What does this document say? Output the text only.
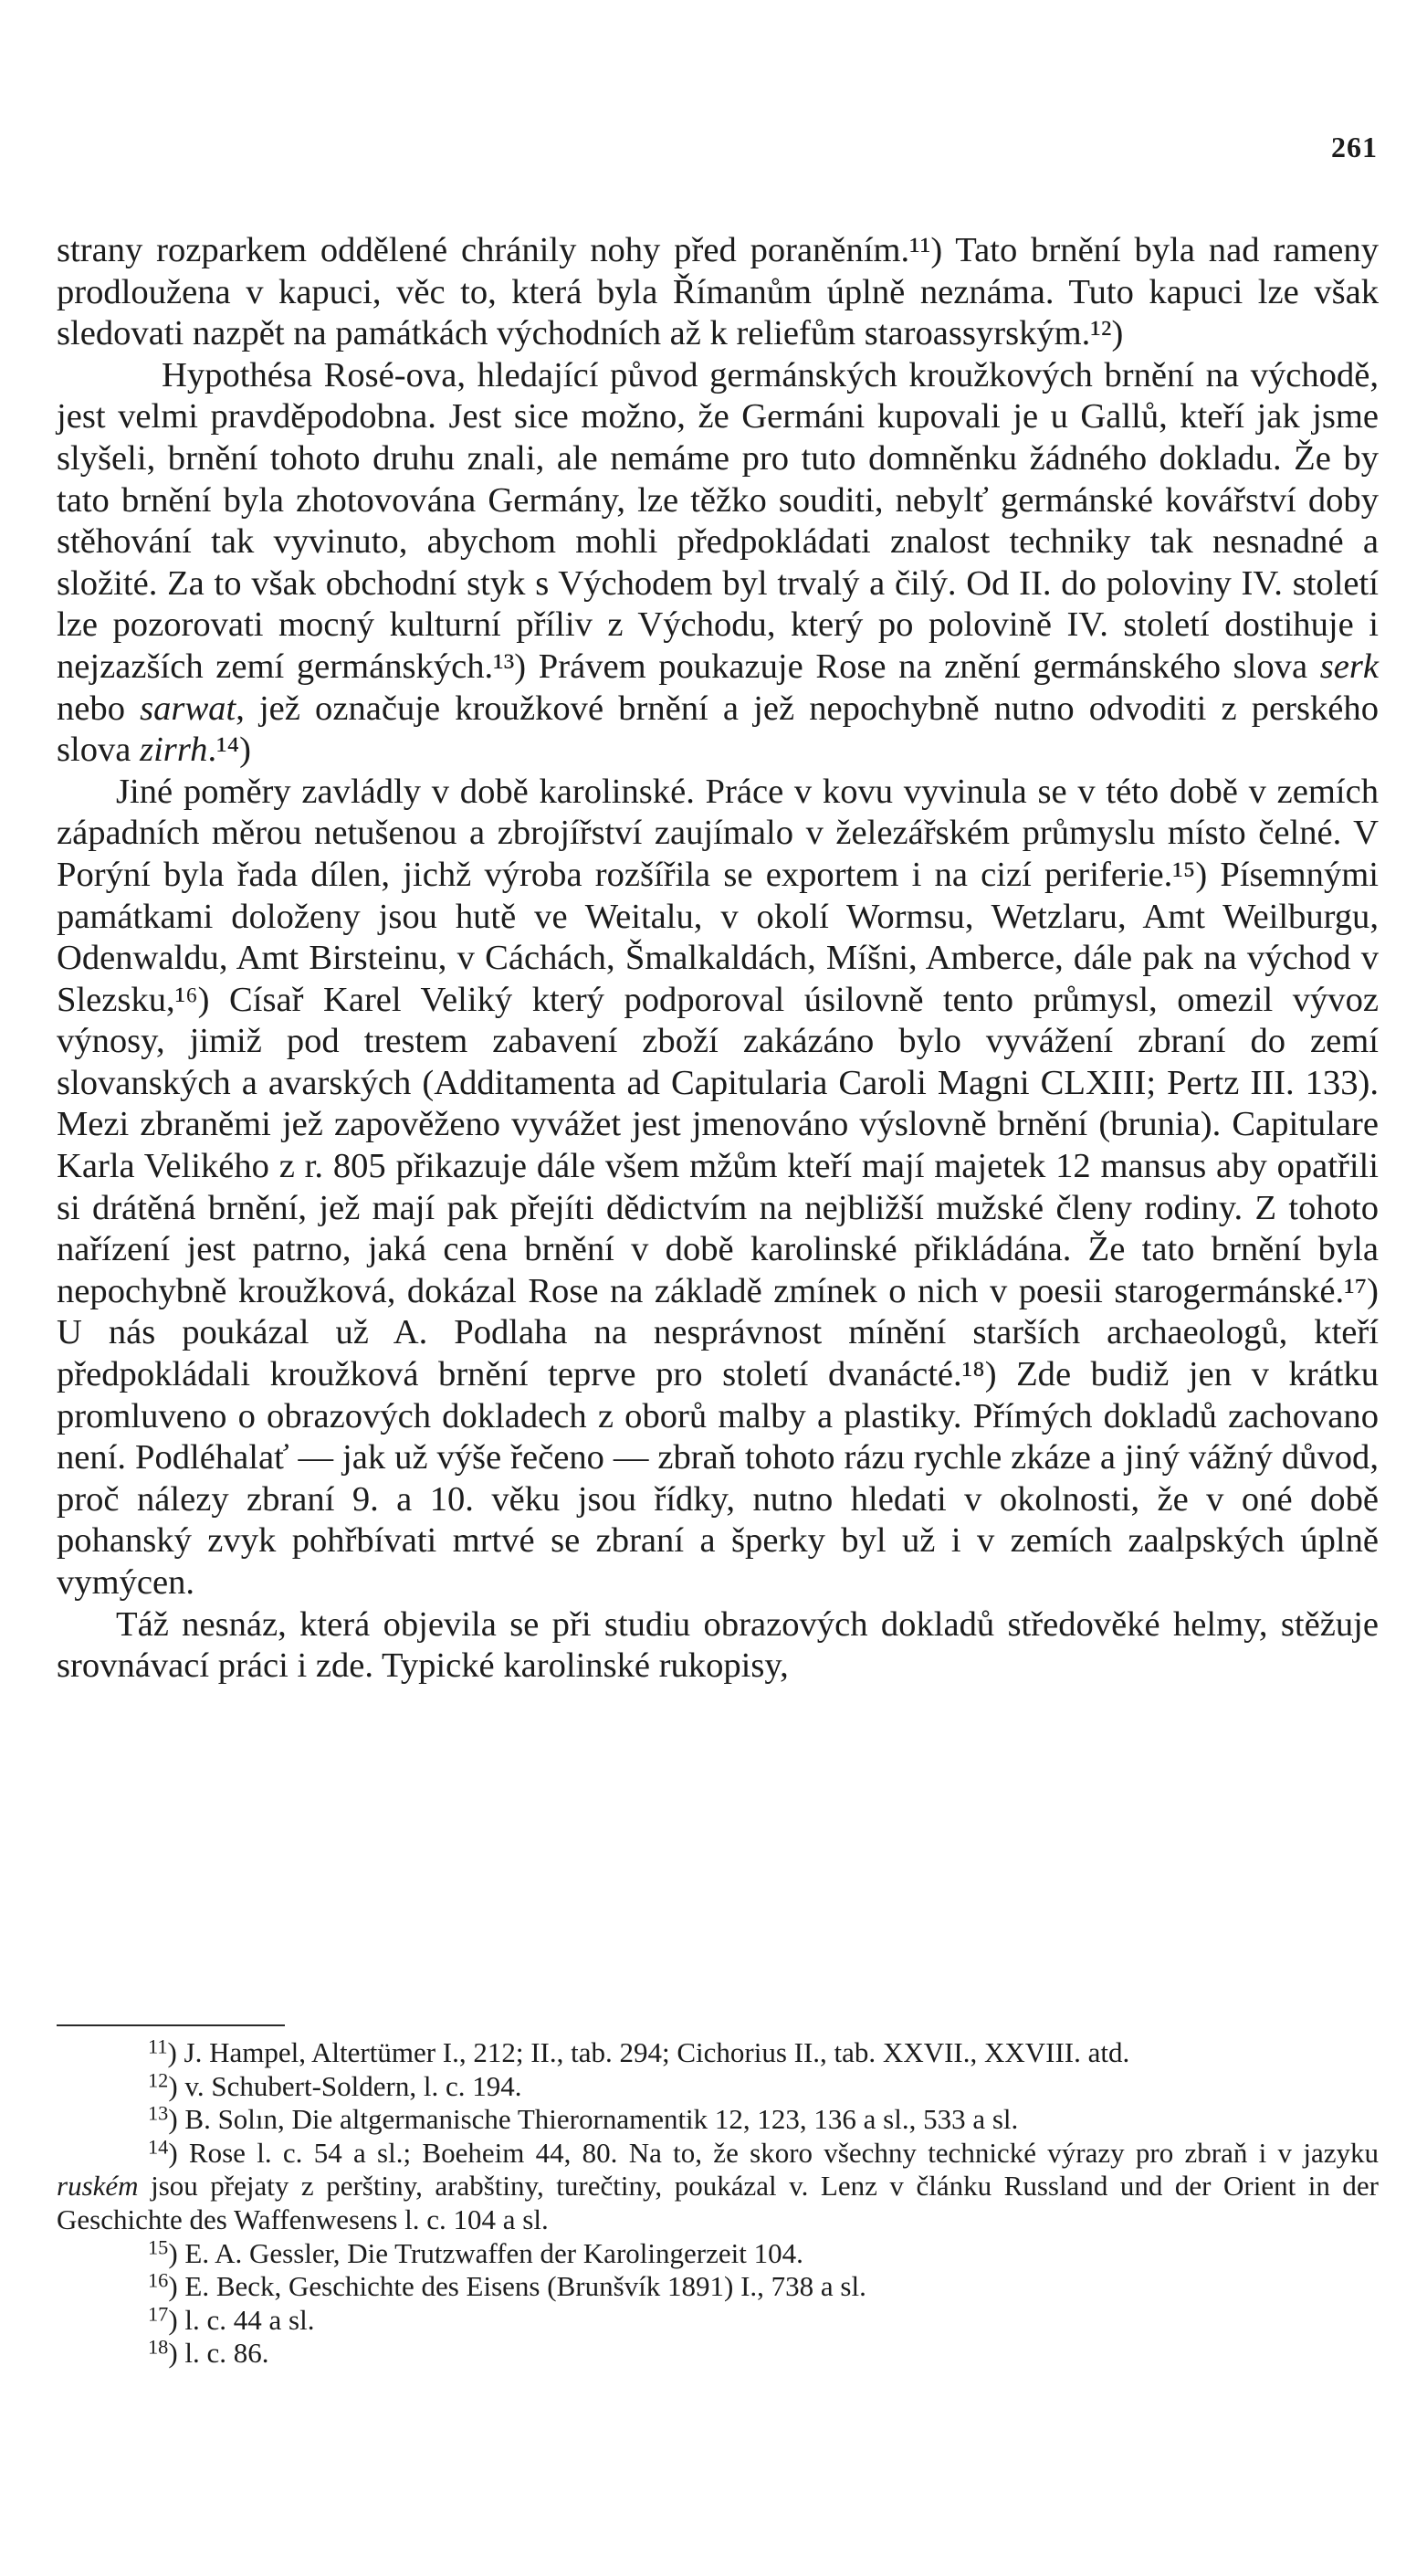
261

strany rozparkem oddělené chránily nohy před poraněním.¹¹) Tato brnění byla nad rameny prodloužena v kapuci, věc to, která byla Římanům úplně neznáma. Tuto kapuci lze však sledovati nazpět na památkách východních až k reliefům staroassyrským.¹²)

Hypothésa Rosé-ova, hledající původ germánských kroužkových brnění na východě, jest velmi pravděpodobna. Jest sice možno, že Germáni kupovali je u Gallů, kteří jak jsme slyšeli, brnění tohoto druhu znali, ale nemáme pro tuto domněnku žádného dokladu. Že by tato brnění byla zhotovována Germány, lze těžko souditi, nebylť germánské kovářství doby stěhování tak vyvinuto, abychom mohli předpokládati znalost techniky tak nesnadné a složité. Za to však obchodní styk s Východem byl trvalý a čilý. Od II. do poloviny IV. století lze pozorovati mocný kulturní příliv z Východu, který po polovině IV. století dostihuje i nejzazších zemí germánských.¹³) Právem poukazuje Rose na znění germánského slova serk nebo sarwat, jež označuje kroužkové brnění a jež nepochybně nutno odvoditi z perského slova zirrh.¹⁴)

Jiné poměry zavládly v době karolinské. Práce v kovu vyvinula se v této době v zemích západních měrou netušenou a zbrojířství zaujímalo v železářském průmyslu místo čelné. V Porýní byla řada dílen, jichž výroba rozšířila se exportem i na cizí periferie.¹⁵) Písemnými památkami doloženy jsou hutě ve Weitalu, v okolí Wormsu, Wetzlaru, Amt Weilburgu, Odenwaldu, Amt Birsteinu, v Cáchách, Šmalkaldách, Míšni, Amberce, dále pak na východ v Slezsku,¹⁶) Císař Karel Veliký který podporoval úsilovně tento průmysl, omezil vývoz výnosy, jimiž pod trestem zabavení zboží zakázáno bylo vyvážení zbraní do zemí slovanských a avarských (Additamenta ad Capitularia Caroli Magni CLXIII; Pertz III. 133). Mezi zbraněmi jež zapověženo vyvážet jest jmenováno výslovně brnění (brunia). Capitulare Karla Velikého z r. 805 přikazuje dále všem mžům kteří mají majetek 12 mansus aby opatřili si drátěná brnění, jež mají pak přejíti dědictvím na nejbližší mužské členy rodiny. Z tohoto nařízení jest patrno, jaká cena brnění v době karolinské přikládána. Že tato brnění byla nepochybně kroužková, dokázal Rose na základě zmínek o nich v poesii starogermánské.¹⁷) U nás poukázal už A. Podlaha na nesprávnost mínění starších archaeologů, kteří předpokládali kroužková brnění teprve pro století dvanácté.¹⁸) Zde budiž jen v krátku promluveno o obrazových dokladech z oborů malby a plastiky. Přímých dokladů zachovano není. Podléhalať — jak už výše řečeno — zbraň tohoto rázu rychle zkáze a jiný vážný důvod, proč nálezy zbraní 9. a 10. věku jsou řídky, nutno hledati v okolnosti, že v oné době pohanský zvyk pohřbívati mrtvé se zbraní a šperky byl už i v zemích zaalpských úplně vymýcen.

Táž nesnáz, která objevila se při studiu obrazových dokladů středověké helmy, stěžuje srovnávací práci i zde. Typické karolinské rukopisy,

$^{11}$) J. Hampel, Altertümer I., 212; II., tab. 294; Cichorius II., tab. XXVII., XXVIII. atd.

$^{12}$) v. Schubert-Soldern, l. c. 194.

$^{13}$) B. Solın, Die altgermanische Thierornamentik 12, 123, 136 a sl., 533 a sl.

$^{14}$) Rose l. c. 54 a sl.; Boeheim 44, 80. Na to, že skoro všechny technické výrazy pro zbraň i v jazyku ruském jsou přejaty z perštiny, arabštiny, turečtiny, poukázal v. Lenz v článku Russland und der Orient in der Geschichte des Waffenwesens l. c. 104 a sl.

$^{15}$) E. A. Gessler, Die Trutzwaffen der Karolingerzeit 104.

$^{16}$) E. Beck, Geschichte des Eisens (Brunšvík 1891) I., 738 a sl.

$^{17}$) l. c. 44 a sl.

$^{18}$) l. c. 86.
